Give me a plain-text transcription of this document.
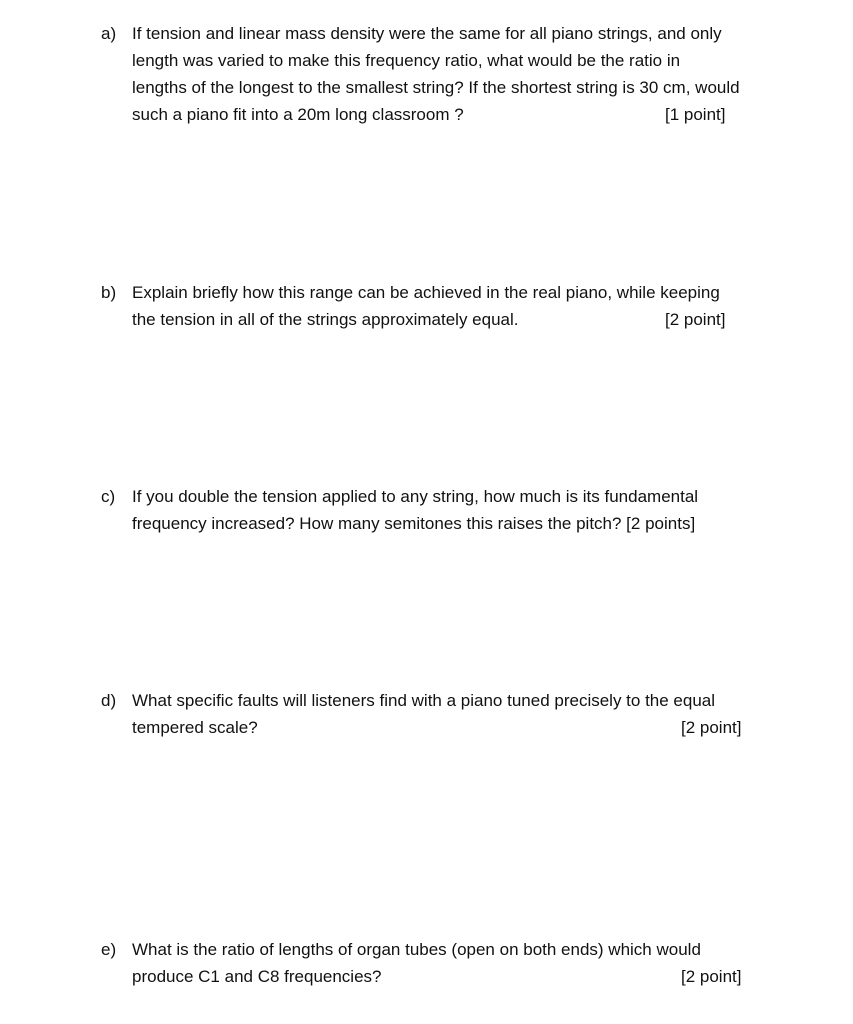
a) If tension and linear mass density were the same for all piano strings, and only
length was varied to make this frequency ratio, what would be the ratio in
lengths of the longest to the smallest string? If the shortest string is 30 cm, would
such a piano fit into a 20m long classroom ?	[1 point]
b) Explain briefly how this range can be achieved in the real piano, while keeping
the tension in all of the strings approximately equal.	[2 point]
c) If you double the tension applied to any string, how much is its fundamental
frequency increased? How many semitones this raises the pitch? [2 points]
d) What specific faults will listeners find with a piano tuned precisely to the equal
tempered scale?	[2 point]
e) What is the ratio of lengths of organ tubes (open on both ends) which would
produce C1 and C8 frequencies?	[2 point]
